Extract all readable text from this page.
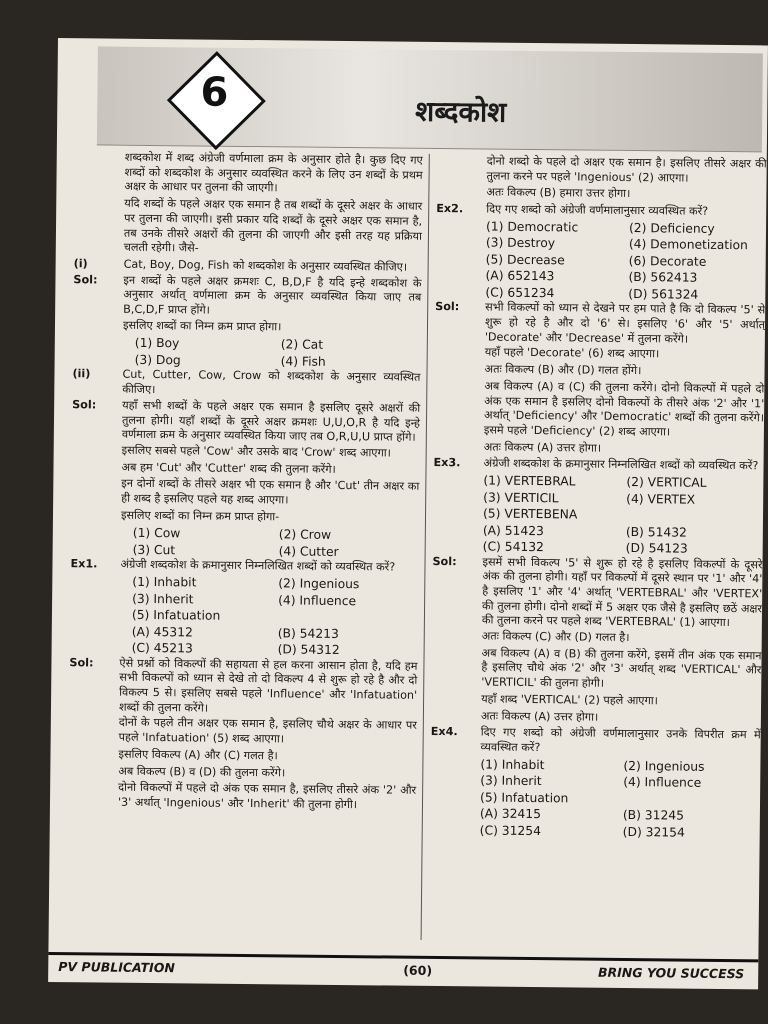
6	शब्दकोश

शब्दकोश में शब्द अंग्रेजी वर्णमाला क्रम के अनुसार होते है। कुछ दिए गए शब्दों को शब्दकोश के अनुसार व्यवस्थित करने के लिए उन शब्दों के प्रथम अक्षर के आधार पर तुलना की जाएगी।

यदि शब्दों के पहले अक्षर एक समान है तब शब्दों के दूसरे अक्षर के आधार पर तुलना की जाएगी। इसी प्रकार यदि शब्दों के दूसरे अक्षर एक समान है, तब उनके तीसरे अक्षरों की तुलना की जाएगी और इसी तरह यह प्रक्रिया चलती रहेगी। जैसे-

(i)	Cat, Boy, Dog, Fish को शब्दकोश के अनुसार व्यवस्थित कीजिए।
Sol:	इन शब्दों के पहले अक्षर क्रमशः C, B,D,F है यदि इन्हे शब्दकोश के अनुसार अर्थात् वर्णमाला क्रम के अनुसार व्यवस्थित किया जाए तब B,C,D,F प्राप्त होंगे।

इसलिए शब्दों का निम्न क्रम प्राप्त होगा।

(1) Boy	(2) Cat
(3) Dog	(4) Fish
(ii)	Cut, Cutter, Cow, Crow को शब्दकोश के अनुसार व्यवस्थित कीजिए।
Sol:	यहाँ सभी शब्दों के पहले अक्षर एक समान है इसलिए दूसरे अक्षरों की तुलना होगी। यहाँ शब्दों के दूसरे अक्षर क्रमशः U,U,O,R है यदि इन्हे वर्णमाला क्रम के अनुसार व्यवस्थित किया जाए तब O,R,U,U प्राप्त होंगे।

इसलिए सबसे पहले 'Cow' और उसके बाद 'Crow' शब्द आएगा।

अब हम 'Cut' और 'Cutter' शब्द की तुलना करेंगे।

इन दोनों शब्दों के तीसरे अक्षर भी एक समान है और 'Cut' तीन अक्षर का ही शब्द है इसलिए पहले यह शब्द आएगा।

इसलिए शब्दों का निम्न क्रम प्राप्त होगा-

(1) Cow	(2) Crow
(3) Cut	(4) Cutter
Ex1.	अंग्रेजी शब्दकोश के क्रमानुसार निम्नलिखित शब्दों को व्यवस्थित करें?
(1) Inhabit	(2) Ingenious
(3) Inherit	(4) Influence
(5) Infatuation
(A) 45312	(B) 54213
(C) 45213	(D) 54312
Sol:	ऐसे प्रश्नों को विकल्पों की सहायता से हल करना आसान होता है, यदि हम सभी विकल्पों को ध्यान से देखे तो दो विकल्प 4 से शुरू हो रहे है और दो विकल्प 5 से। इसलिए सबसे पहले 'Influence' और 'Infatuation' शब्दों की तुलना करेंगे।

दोनों के पहले तीन अक्षर एक समान है, इसलिए चौथे अक्षर के आधार पर पहले 'Infatuation' (5) शब्द आएगा।

इसलिए विकल्प (A) और (C) गलत है।

अब विकल्प (B) व (D) की तुलना करेंगे।

दोनो विकल्पों में पहले दो अंक एक समान है, इसलिए तीसरे अंक '2' और '3' अर्थात् 'Ingenious' और 'Inherit' की तुलना होगी।

दोनो शब्दो के पहले दो अक्षर एक समान है। इसलिए तीसरे अक्षर की तुलना करने पर पहले 'Ingenious' (2) आएगा।

अतः विकल्प (B) हमारा उत्तर होगा।

Ex2.	दिए गए शब्दो को अंग्रेजी वर्णमालानुसार व्यवस्थित करें?
(1) Democratic	(2) Deficiency
(3) Destroy	(4) Demonetization
(5) Decrease	(6) Decorate
(A) 652143	(B) 562413
(C) 651234	(D) 561324
Sol:	सभी विकल्पों को ध्यान से देखने पर हम पाते है कि दो विकल्प '5' से शुरू हो रहे है और दो '6' से। इसलिए '6' और '5' अर्थात् 'Decorate' और 'Decrease' में तुलना करेंगे।

यहाँ पहले 'Decorate' (6) शब्द आएगा।

अतः विकल्प (B) और (D) गलत होंगे।

अब विकल्प (A) व (C) की तुलना करेंगे। दोनो विकल्पों में पहले दो अंक एक समान है इसलिए दोनो विकल्पों के तीसरे अंक '2' और '1' अर्थात् 'Deficiency' और 'Democratic' शब्दों की तुलना करेंगे। इसमे पहले 'Deficiency' (2) शब्द आएगा।

अतः विकल्प (A) उत्तर होगा।

Ex3.	अंग्रेजी शब्दकोश के क्रमानुसार निम्नलिखित शब्दों को व्यवस्थित करें?
(1) VERTEBRAL	(2) VERTICAL
(3) VERTICIL	(4) VERTEX
(5) VERTEBENA
(A) 51423	(B) 51432
(C) 54132	(D) 54123
Sol:	इसमें सभी विकल्प '5' से शुरू हो रहे है इसलिए विकल्पों के दूसरे अंक की तुलना होगी। यहाँ पर विकल्पों में दूसरे स्थान पर '1' और '4' है इसलिए '1' और '4' अर्थात् 'VERTEBRAL' और 'VERTEX' की तुलना होगी। दोनो शब्दों में 5 अक्षर एक जैसे है इसलिए छठें अक्षर की तुलना करने पर पहले शब्द 'VERTEBRAL' (1) आएगा।

अतः विकल्प (C) और (D) गलत है।

अब विकल्प (A) व (B) की तुलना करेंगे, इसमें तीन अंक एक समान है इसलिए चौथे अंक '2' और '3' अर्थात् शब्द 'VERTICAL' और 'VERTICIL' की तुलना होगी।

यहाँ शब्द 'VERTICAL' (2) पहले आएगा।

अतः विकल्प (A) उत्तर होगा।

Ex4.	दिए गए शब्दो को अंग्रेजी वर्णमालानुसार उनके विपरीत क्रम में व्यवस्थित करें?
(1) Inhabit	(2) Ingenious
(3) Inherit	(4) Influence
(5) Infatuation
(A) 32415	(B) 31245
(C) 31254	(D) 32154
PV PUBLICATION	(60)	BRING YOU SUCCESS
